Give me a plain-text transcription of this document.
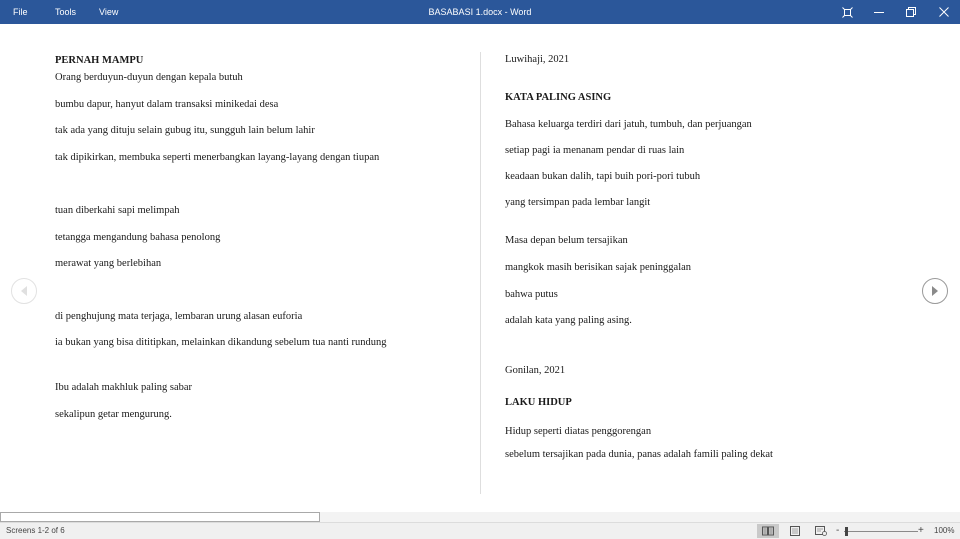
File	Tools	View	BASABASI 1.docx - Word
PERNAH MAMPU
Orang berduyun-duyun dengan kepala butuh
bumbu dapur, hanyut dalam transaksi minikedai desa
tak ada yang dituju selain gubug itu, sungguh lain belum lahir
tak dipikirkan, membuka seperti menerbangkan layang-layang dengan tiupan
tuan diberkahi sapi melimpah
tetangga mengandung bahasa penolong
merawat yang berlebihan
di penghujung mata terjaga, lembaran urung alasan euforia
ia bukan yang bisa dititipkan, melainkan dikandung sebelum tua nanti rundung
Ibu adalah makhluk paling sabar
sekalipun getar mengurung.
Luwihaji, 2021
KATA PALING ASING
Bahasa keluarga terdiri dari jatuh, tumbuh, dan perjuangan
setiap pagi ia menanam pendar di ruas lain
keadaan bukan dalih, tapi buih pori-pori tubuh
yang tersimpan pada lembar langit
Masa depan belum tersajikan
mangkok masih berisikan sajak peninggalan
bahwa putus
adalah kata yang paling asing.
Gonilan, 2021
LAKU HIDUP
Hidup seperti diatas penggorengan
sebelum tersajikan pada dunia, panas adalah famili paling dekat
Screens 1-2 of 6	-	+ 100%
